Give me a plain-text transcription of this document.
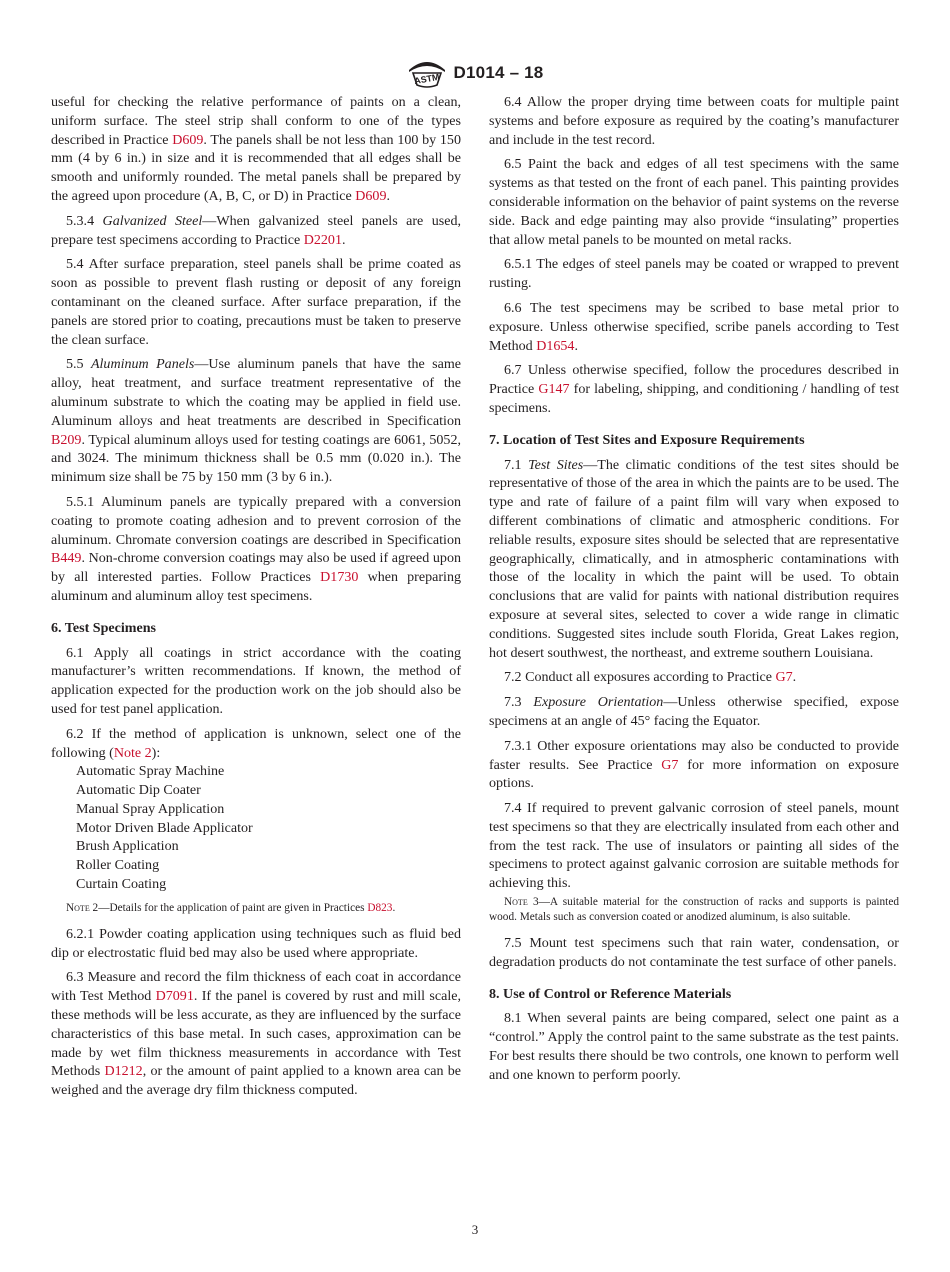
ASTM D1014 – 18

useful for checking the relative performance of paints on a clean, uniform surface. The steel strip shall conform to one of the types described in Practice D609. The panels shall be not less than 100 by 150 mm (4 by 6 in.) in size and it is recommended that all edges shall be smooth and uniformly rounded. The metal panels shall be prepared by the agreed upon procedure (A, B, C, or D) in Practice D609.

5.3.4 Galvanized Steel—When galvanized steel panels are used, prepare test specimens according to Practice D2201.

5.4 After surface preparation, steel panels shall be prime coated as soon as possible to prevent flash rusting or deposit of any foreign contaminant on the cleaned surface. After surface preparation, if the panels are stored prior to coating, precautions must be taken to preserve the clean surface.

5.5 Aluminum Panels—Use aluminum panels that have the same alloy, heat treatment, and surface treatment representative of the aluminum substrate to which the coating may be applied in field use. Aluminum alloys and heat treatments are described in Specification B209. Typical aluminum alloys used for testing coatings are 6061, 5052, and 3024. The minimum thickness shall be 0.5 mm (0.020 in.). The minimum size shall be 75 by 150 mm (3 by 6 in.).

5.5.1 Aluminum panels are typically prepared with a conversion coating to promote coating adhesion and to prevent corrosion of the aluminum. Chromate conversion coatings are described in Specification B449. Non-chrome conversion coatings may also be used if agreed upon by all interested parties. Follow Practices D1730 when preparing aluminum and aluminum alloy test specimens.

6. Test Specimens

6.1 Apply all coatings in strict accordance with the coating manufacturer’s written recommendations. If known, the method of application expected for the production work on the job should also be used for test panel application.

6.2 If the method of application is unknown, select one of the following (Note 2):

Automatic Spray Machine
Automatic Dip Coater
Manual Spray Application
Motor Driven Blade Applicator
Brush Application
Roller Coating
Curtain Coating
Note 2—Details for the application of paint are given in Practices D823.

6.2.1 Powder coating application using techniques such as fluid bed dip or electrostatic fluid bed may also be used where appropriate.

6.3 Measure and record the film thickness of each coat in accordance with Test Method D7091. If the panel is covered by rust and mill scale, these methods will be less accurate, as they are influenced by the surface characteristics of this base metal. In such cases, approximation can be made by wet film thickness measurements in accordance with Test Methods D1212, or the amount of paint applied to a known area can be weighed and the average dry film thickness computed.

6.4 Allow the proper drying time between coats for multiple paint systems and before exposure as required by the coating’s manufacturer and include in the test record.

6.5 Paint the back and edges of all test specimens with the same systems as that tested on the front of each panel. This painting provides considerable information on the behavior of paint systems on the reverse side. Back and edge painting may also provide “insulating” properties that allow metal panels to be mounted on metal racks.

6.5.1 The edges of steel panels may be coated or wrapped to prevent rusting.

6.6 The test specimens may be scribed to base metal prior to exposure. Unless otherwise specified, scribe panels according to Test Method D1654.

6.7 Unless otherwise specified, follow the procedures described in Practice G147 for labeling, shipping, and conditioning / handling of test specimens.

7. Location of Test Sites and Exposure Requirements

7.1 Test Sites—The climatic conditions of the test sites should be representative of those of the area in which the paints are to be used. The type and rate of failure of a paint film will vary when exposed to different combinations of climatic and atmospheric conditions. For reliable results, exposure sites should be selected that are representative geographically, climatically, and in atmospheric contaminations with those of the locality in which the paint will be used. To obtain conclusions that are valid for paints with national distribution requires exposure at several sites, selected to cover a wide range in climatic conditions. Suggested sites include south Florida, Great Lakes region, hot desert southwest, the northeast, and extreme southern Louisiana.

7.2 Conduct all exposures according to Practice G7.

7.3 Exposure Orientation—Unless otherwise specified, expose specimens at an angle of 45° facing the Equator.

7.3.1 Other exposure orientations may also be conducted to provide faster results. See Practice G7 for more information on exposure options.

7.4 If required to prevent galvanic corrosion of steel panels, mount test specimens so that they are electrically insulated from each other and from the test rack. The use of insulators or painting all sides of the specimens to protect against galvanic corrosion are suitable methods for achieving this.

Note 3—A suitable material for the construction of racks and supports is painted wood. Metals such as conversion coated or anodized aluminum, is also suitable.

7.5 Mount test specimens such that rain water, condensation, or degradation products do not contaminate the test surface of other panels.

8. Use of Control or Reference Materials

8.1 When several paints are being compared, select one paint as a “control.” Apply the control paint to the same substrate as the test paints. For best results there should be two controls, one known to perform well and one known to perform poorly.

3
